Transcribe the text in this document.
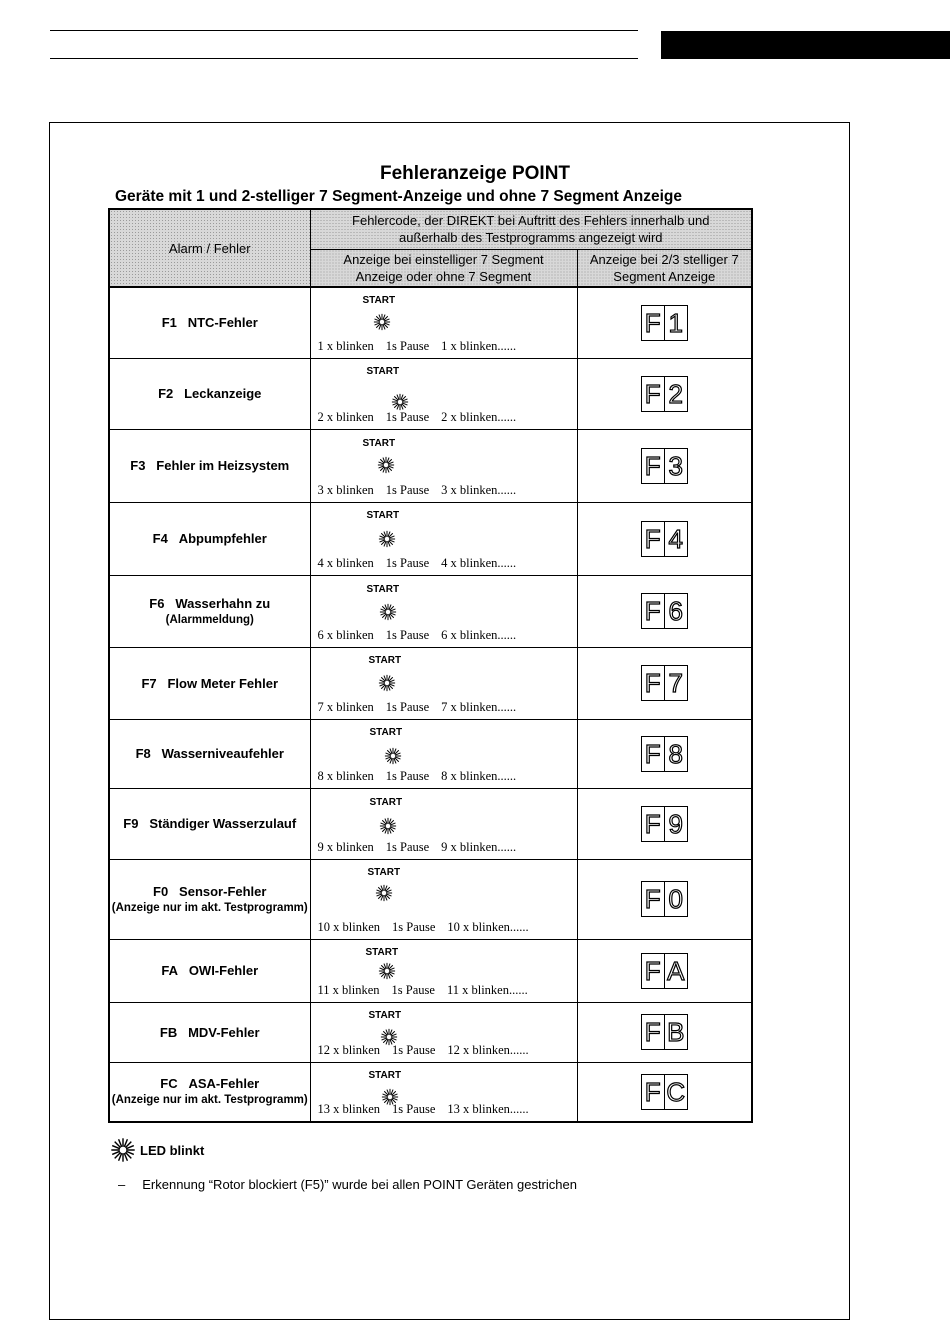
Fehleranzeige POINT
Geräte mit 1 und 2-stelliger 7 Segment-Anzeige und ohne 7 Segment Anzeige
Alarm / Fehler	Fehlercode, der DIREKT bei Auftritt des Fehlers innerhalb und außerhalb des Testprogramms angezeigt wird	
	Anzeige bei einstelliger 7 Segment Anzeige oder ohne 7 Segment	Anzeige bei 2/3 stelliger 7 Segment Anzeige
F1 NTC-Fehler	START
1 x blinken 1s Pause 1 x blinken......	F 1

F2 Leckanzeige	START
2 x blinken 1s Pause 2 x blinken......	F 2

F3 Fehler im Heizsystem	START
3 x blinken 1s Pause 3 x blinken......	F 3

F4 Abpumpfehler	START
4 x blinken 1s Pause 4 x blinken......	F 4

F6 Wasserhahn zu
(Alarmmeldung)	START
6 x blinken 1s Pause 6 x blinken......	F 6

F7 Flow Meter Fehler	START
7 x blinken 1s Pause 7 x blinken......	F 7

F8 Wasserniveaufehler	START
8 x blinken 1s Pause 8 x blinken......	F 8

F9 Ständiger Wasserzulauf	START
9 x blinken 1s Pause 9 x blinken......	F 9

F0 Sensor-Fehler
(Anzeige nur im akt. Testprogramm)	START
10 x blinken 1s Pause 10 x blinken......	F 0

FA OWI-Fehler	START
11 x blinken 1s Pause 11 x blinken......	F A

FB MDV-Fehler	START
12 x blinken 1s Pause 12 x blinken......	F B

FC ASA-Fehler
(Anzeige nur im akt. Testprogramm)	START
13 x blinken 1s Pause 13 x blinken......	F C
LED blinkt
– Erkennung “Rotor blockiert (F5)” wurde bei allen POINT Geräten gestrichen
